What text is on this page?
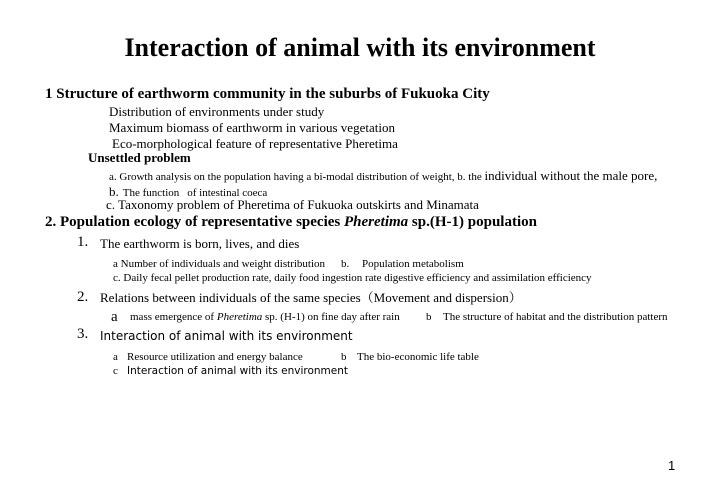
Interaction of animal with its environment
1 Structure of earthworm community in the suburbs of Fukuoka City
Distribution of environments under study
Maximum biomass of earthworm in various vegetation
Eco-morphological feature of representative Pheretima
Unsettled problem
a. Growth analysis on the population having a bi-modal distribution of weight, b. the individual without the male pore,
b. The function of intestinal coeca
c. Taxonomy problem of Pheretima of Fukuoka outskirts and Minamata
2. Population ecology of representative species Pheretima sp.(H-1) population
1. The earthworm is born, lives, and dies
a Number of individuals and weight distribution b. Population metabolism
c. Daily fecal pellet production rate, daily food ingestion rate digestive efficiency and assimilation efficiency
2. Relations between individuals of the same species（Movement and dispersion）
a mass emergence of Pheretima sp. (H-1) on fine day after rain b The structure of habitat and the distribution pattern
3. Interaction of animal with its environment
a Resource utilization and energy balance	b The bio-economic life table
c Interaction of animal with its environment
1
